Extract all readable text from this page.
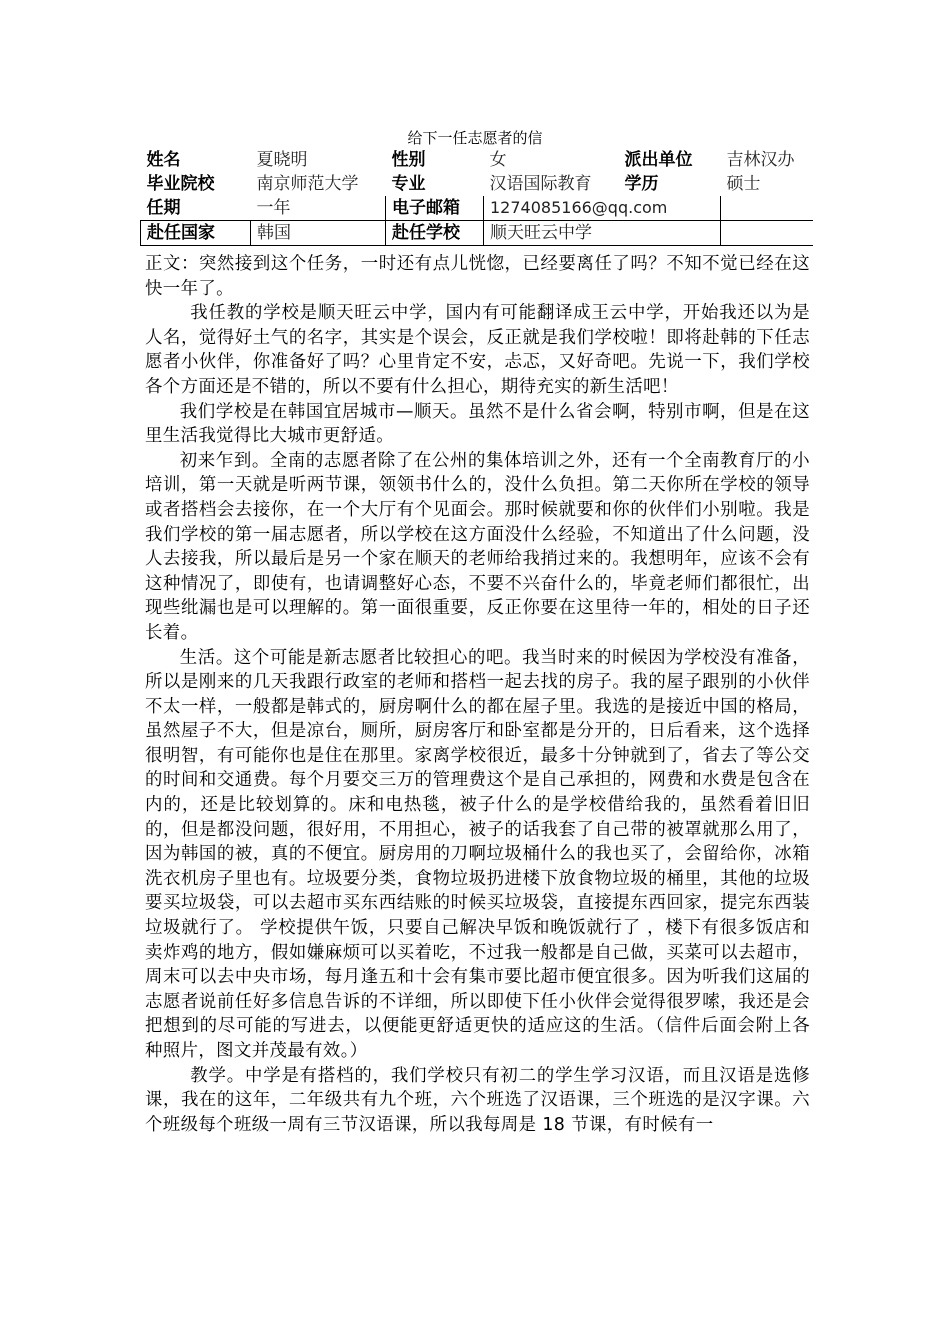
给下一任志愿者的信
姓名	夏晓明	性别	女	派出单位	吉林汉办
毕业院校	南京师范大学	专业	汉语国际教育	学历	硕士
任期	一年	电子邮箱	1274085166@qq.com		
赴任国家	韩国	赴任学校	顺天旺云中学		

正文：突然接到这个任务，一时还有点儿恍惚，已经要离任了吗？不知不觉已经在这快一年了。

我任教的学校是顺天旺云中学，国内有可能翻译成王云中学，开始我还以为是人名，觉得好土气的名字，其实是个误会，反正就是我们学校啦！即将赴韩的下任志愿者小伙伴，你准备好了吗？心里肯定不安，忐忑，又好奇吧。先说一下，我们学校各个方面还是不错的，所以不要有什么担心，期待充实的新生活吧！

我们学校是在韩国宜居城市—顺天。虽然不是什么省会啊，特别市啊，但是在这里生活我觉得比大城市更舒适。

初来乍到。全南的志愿者除了在公州的集体培训之外，还有一个全南教育厅的小培训，第一天就是听两节课，领领书什么的，没什么负担。第二天你所在学校的领导或者搭档会去接你，在一个大厅有个见面会。那时候就要和你的伙伴们小别啦。我是我们学校的第一届志愿者，所以学校在这方面没什么经验，不知道出了什么问题，没人去接我，所以最后是另一个家在顺天的老师给我捎过来的。我想明年，应该不会有这种情况了，即使有，也请调整好心态，不要不兴奋什么的，毕竟老师们都很忙，出现些纰漏也是可以理解的。第一面很重要，反正你要在这里待一年的，相处的日子还长着。

生活。这个可能是新志愿者比较担心的吧。我当时来的时候因为学校没有准备，所以是刚来的几天我跟行政室的老师和搭档一起去找的房子。我的屋子跟别的小伙伴不太一样，一般都是韩式的，厨房啊什么的都在屋子里。我选的是接近中国的格局，虽然屋子不大，但是凉台，厕所，厨房客厅和卧室都是分开的，日后看来，这个选择很明智，有可能你也是住在那里。家离学校很近，最多十分钟就到了，省去了等公交的时间和交通费。每个月要交三万的管理费这个是自己承担的，网费和水费是包含在内的，还是比较划算的。床和电热毯，被子什么的是学校借给我的，虽然看着旧旧的，但是都没问题，很好用，不用担心，被子的话我套了自己带的被罩就那么用了，因为韩国的被，真的不便宜。厨房用的刀啊垃圾桶什么的我也买了，会留给你，冰箱洗衣机房子里也有。垃圾要分类，食物垃圾扔进楼下放食物垃圾的桶里，其他的垃圾要买垃圾袋，可以去超市买东西结账的时候买垃圾袋，直接提东西回家，提完东西装垃圾就行了。 学校提供午饭，只要自己解决早饭和晚饭就行了 ，楼下有很多饭店和卖炸鸡的地方，假如嫌麻烦可以买着吃，不过我一般都是自己做，买菜可以去超市，周末可以去中央市场，每月逢五和十会有集市要比超市便宜很多。因为听我们这届的志愿者说前任好多信息告诉的不详细，所以即使下任小伙伴会觉得很罗嗦，我还是会把想到的尽可能的写进去，以便能更舒适更快的适应这的生活。（信件后面会附上各种照片，图文并茂最有效。）

教学。中学是有搭档的，我们学校只有初二的学生学习汉语，而且汉语是选修课，我在的这年，二年级共有九个班，六个班选了汉语课，三个班选的是汉字课。六个班级每个班级一周有三节汉语课，所以我每周是 18 节课，有时候有一
